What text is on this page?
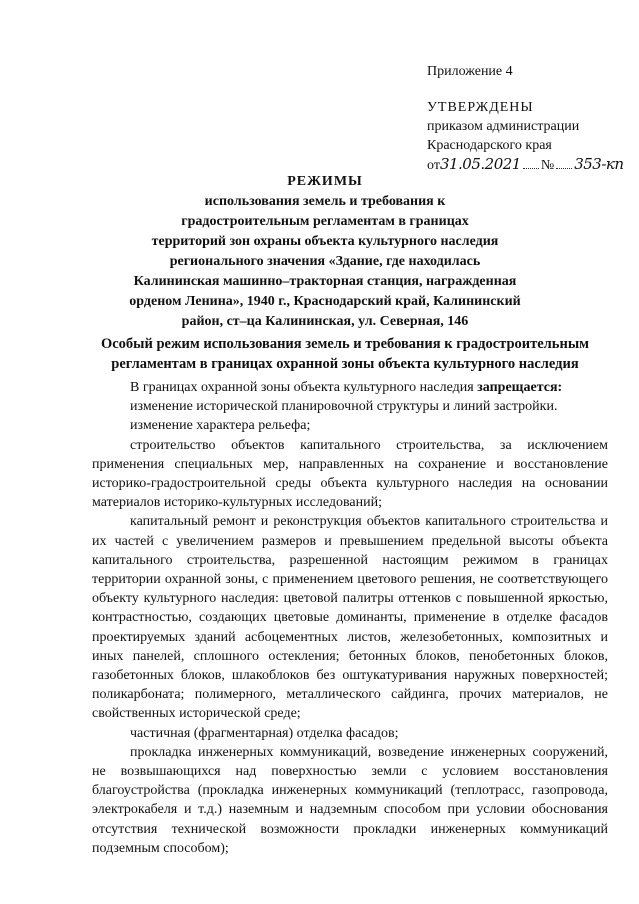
Приложение 4
УТВЕРЖДЕНЫ
приказом администрации
Краснодарского края
от 31.05.2021 № 353-кп
РЕЖИМЫ
использования земель и требования к
градостроительным регламентам в границах
территорий зон охраны объекта культурного наследия
регионального значения «Здание, где находилась
Калининская машинно–тракторная станция, награжденная
орденом Ленина», 1940 г., Краснодарский край, Калининский
район, ст–ца Калининская, ул. Северная, 146
Особый режим использования земель и требования к градостроительным регламентам в границах охранной зоны объекта культурного наследия

В границах охранной зоны объекта культурного наследия запрещается:

изменение исторической планировочной структуры и линий застройки.

изменение характера рельефа;

строительство объектов капитального строительства, за исключением применения специальных мер, направленных на сохранение и восстановление историко-градостроительной среды объекта культурного наследия на основании материалов историко-культурных исследований;

капитальный ремонт и реконструкция объектов капитального строительства и их частей с увеличением размеров и превышением предельной высоты объекта капитального строительства, разрешенной настоящим режимом в границах территории охранной зоны, с применением цветового решения, не соответствующего объекту культурного наследия: цветовой палитры оттенков с повышенной яркостью, контрастностью, создающих цветовые доминанты, применение в отделке фасадов проектируемых зданий асбоцементных листов, железобетонных, композитных и иных панелей, сплошного остекления; бетонных блоков, пенобетонных блоков, газобетонных блоков, шлакоблоков без оштукатуривания наружных поверхностей; поликарбоната; полимерного, металлического сайдинга, прочих материалов, не свойственных исторической среде;

частичная (фрагментарная) отделка фасадов;

прокладка инженерных коммуникаций, возведение инженерных сооружений, не возвышающихся над поверхностью земли с условием восстановления благоустройства (прокладка инженерных коммуникаций (теплотрасс, газопровода, электрокабеля и т.д.) наземным и надземным способом при условии обоснования отсутствия технической возможности прокладки инженерных коммуникаций подземным способом);
